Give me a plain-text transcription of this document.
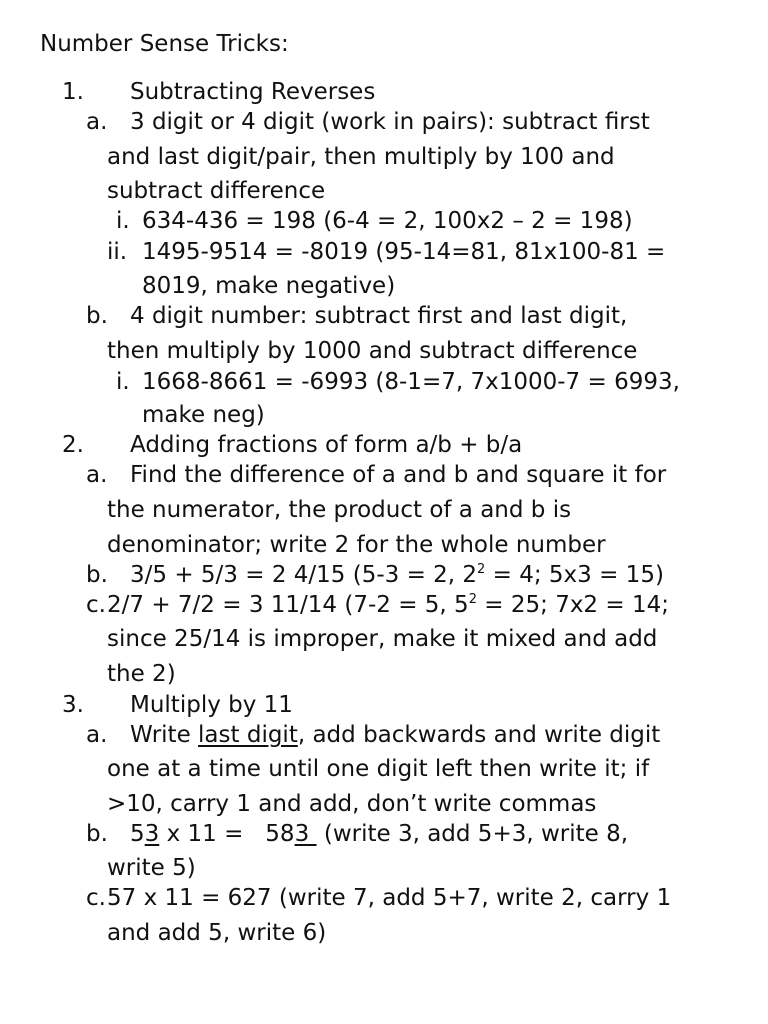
Number Sense Tricks:
1. Subtracting Reverses
a. 3 digit or 4 digit (work in pairs): subtract first
and last digit/pair, then multiply by 100 and
subtract difference
i. 634-436 = 198 (6-4 = 2, 100x2 – 2 = 198)
ii. 1495-9514 = -8019 (95-14=81, 81x100-81 =
8019, make negative)
b. 4 digit number: subtract first and last digit,
then multiply by 1000 and subtract difference
i. 1668-8661 = -6993 (8-1=7, 7x1000-7 = 6993,
make neg)
2. Adding fractions of form a/b + b/a
a. Find the difference of a and b and square it for
the numerator, the product of a and b is
denominator; write 2 for the whole number
b. 3/5 + 5/3 = 2 4/15 (5-3 = 2, $2^2 = 4$; 5x3 = 15)
c. 2/7 + 7/2 = 3 11/14 (7-2 = 5, $5^2 = 25$; 7x2 = 14;
since 25/14 is improper, make it mixed and add
the 2)
3. Multiply by 11
a. Write last digit, add backwards and write digit
one at a time until one digit left then write it; if
>10, carry 1 and add, don’t write commas
b. 53 x 11 =   583  (write 3, add 5+3, write 8,
write 5)
c. 57 x 11 = 627 (write 7, add 5+7, write 2, carry 1
and add 5, write 6)
